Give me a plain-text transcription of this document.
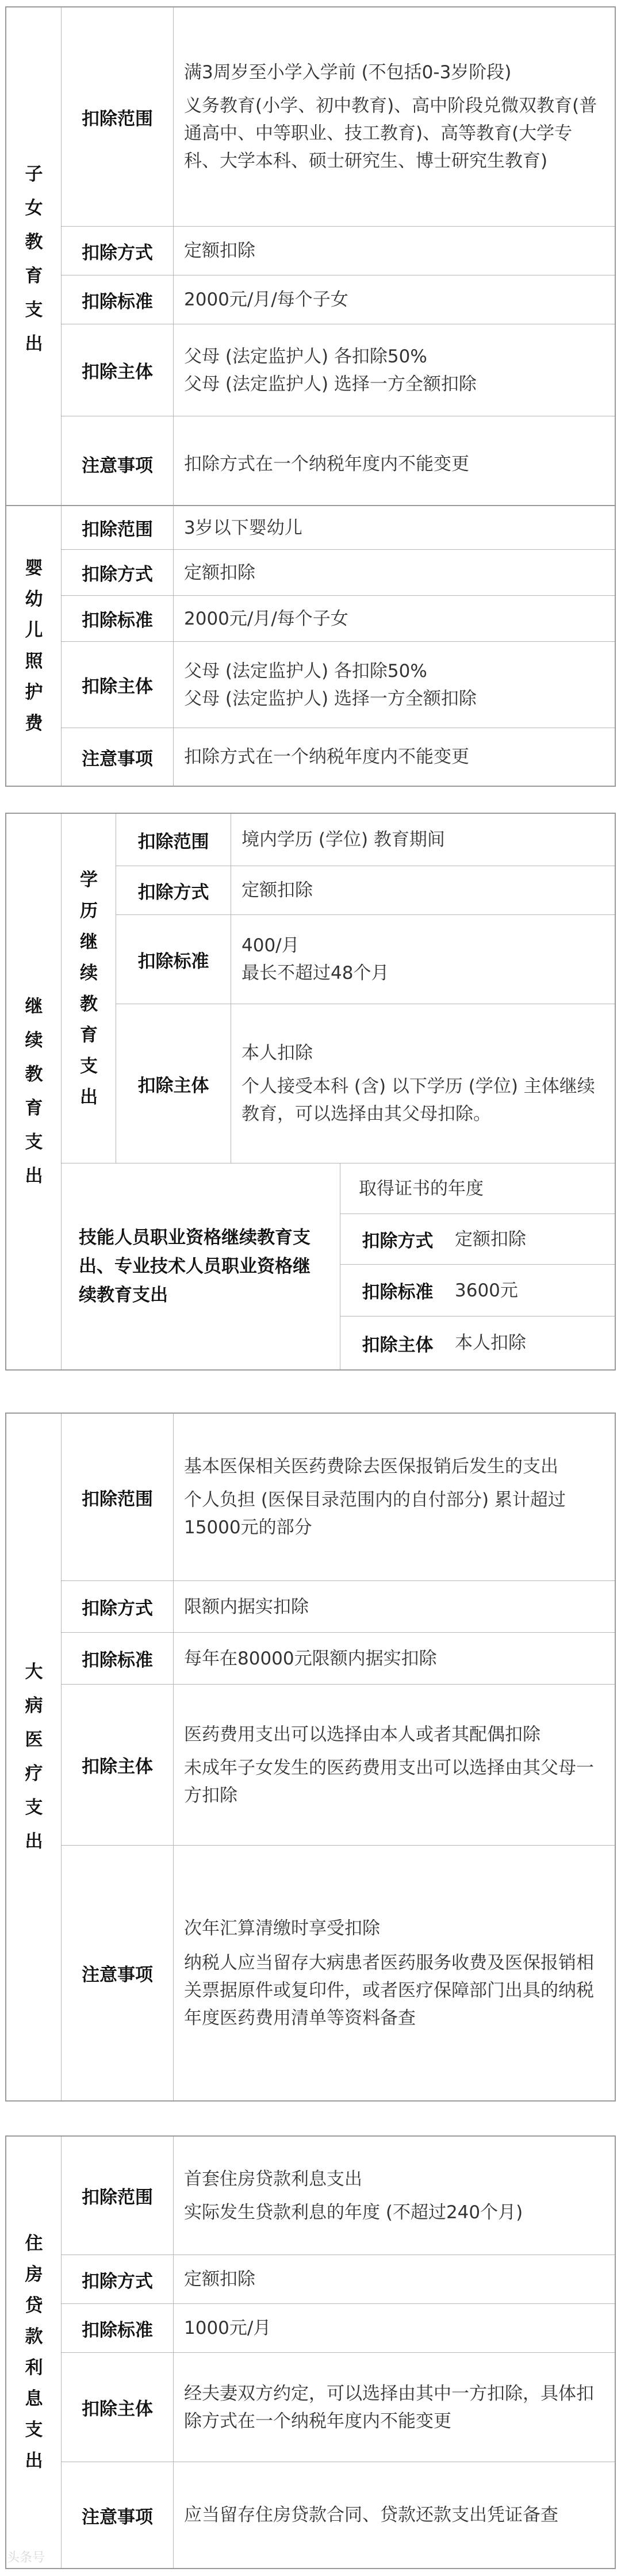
子女教育支出
扣除范围

满3周岁至小学入学前 (不包括0-3岁阶段)

义务教育(小学、初中教育)、高中阶段兑微双教育(普通高中、中等职业、技工教育)、高等教育(大学专科、大学本科、硕士研究生、博士研究生教育)

扣除方式	定额扣除

扣除标准	2000元/月/每个子女

扣除主体

父母 (法定监护人) 各扣除50%

父母 (法定监护人) 选择一方全额扣除

注意事项	扣除方式在一个纳税年度内不能变更

婴幼儿照护费
扣除范围	3岁以下婴幼儿

扣除方式	定额扣除

扣除标准	2000元/月/每个子女

扣除主体

父母 (法定监护人) 各扣除50%

父母 (法定监护人) 选择一方全额扣除

注意事项	扣除方式在一个纳税年度内不能变更

继续教育支出
学历继续教育支出
扣除范围	境内学历 (学位) 教育期间

扣除方式	定额扣除

扣除标准

400/月

最长不超过48个月

扣除主体

本人扣除

个人接受本科 (含) 以下学历 (学位) 主体继续教育，可以选择由其父母扣除。

技能人员职业资格继续教育支出、专业技术人员职业资格继续教育支出

取得证书的年度

扣除方式	定额扣除

扣除标准	3600元

扣除主体	本人扣除

大病医疗支出
扣除范围

基本医保相关医药费除去医保报销后发生的支出

个人负担 (医保目录范围内的自付部分) 累计超过15000元的部分

扣除方式	限额内据实扣除

扣除标准	每年在80000元限额内据实扣除

扣除主体

医药费用支出可以选择由本人或者其配偶扣除

未成年子女发生的医药费用支出可以选择由其父母一方扣除

注意事项

次年汇算清缴时享受扣除

纳税人应当留存大病患者医药服务收费及医保报销相关票据原件或复印件，或者医疗保障部门出具的纳税年度医药费用清单等资料备查

住房贷款利息支出
扣除范围

首套住房贷款利息支出

实际发生贷款利息的年度 (不超过240个月)

扣除方式	定额扣除

扣除标准	1000元/月

扣除主体

经夫妻双方约定，可以选择由其中一方扣除，具体扣除方式在一个纳税年度内不能变更

注意事项	应当留存住房贷款合同、贷款还款支出凭证备查

头条号
